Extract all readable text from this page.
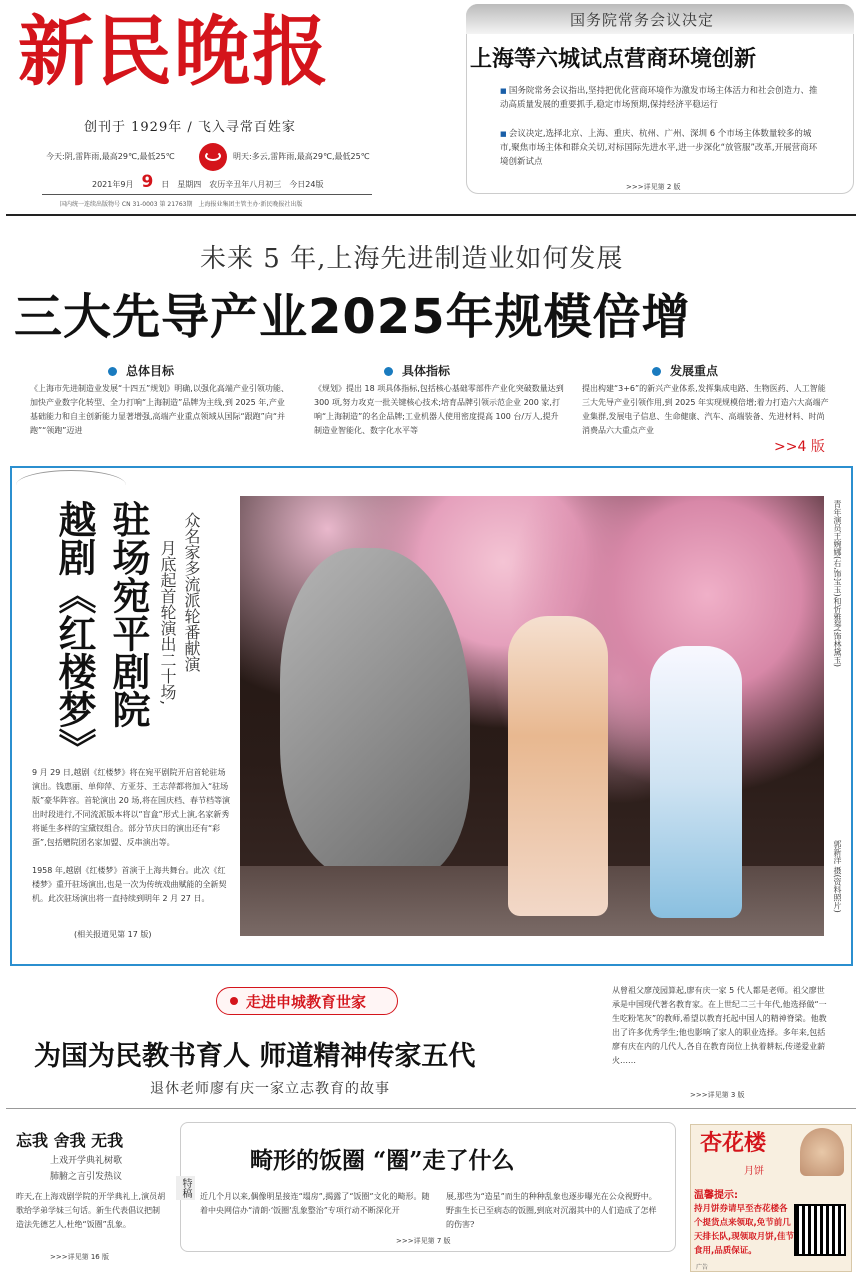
新民晚报
创刊于 1929年 / 飞入寻常百姓家
今天:阴,雷阵雨,最高29℃,最低25℃	明天:多云,雷阵雨,最高29℃,最低25℃
2021年9月 9 日 星期四 农历辛丑年八月初三 今日24版
国内统一连续出版物号 CN 31-0003 第 21763期　上海报业集团主管主办·新民晚报社出版
国务院常务会议决定
上海等六城试点营商环境创新
■ 国务院常务会议指出,坚持把优化营商环境作为激发市场主体活力和社会创造力、推动高质量发展的重要抓手,稳定市场预期,保持经济平稳运行
■ 会议决定,选择北京、上海、重庆、杭州、广州、深圳 6 个市场主体数量较多的城市,聚焦市场主体和群众关切,对标国际先进水平,进一步深化“放管服”改革,开展营商环境创新试点
>>>详见第 2 版
未来 5 年,上海先进制造业如何发展
三大先导产业2025年规模倍增
总体目标
《上海市先进制造业发展“十四五”规划》明确,以强化高端产业引领功能、加快产业数字化转型、全力打响“上海制造”品牌为主线,到 2025 年,产业基础能力和自主创新能力显著增强,高端产业重点领域从国际“跟跑”向“并跑”“领跑”迈进
具体指标
《规划》提出 18 项具体指标,包括核心基础零部件产业化突破数量达到 300 项,努力攻克一批关键核心技术;培育品牌引领示范企业 200 家,打响“上海制造”的名企品牌;工业机器人使用密度提高 100 台/万人,提升制造业智能化、数字化水平等
发展重点
提出构建“3+6”的新兴产业体系,发挥集成电路、生物医药、人工智能三大先导产业引领作用,到 2025 年实现规模倍增;着力打造六大高端产业集群,发展电子信息、生命健康、汽车、高端装备、先进材料、时尚消费品六大重点产业
>>4 版
驻场宛平剧院
越剧《红楼梦》	众名家多流派轮番献演
月底起首轮演出二十场,
9 月 29 日,越剧《红楼梦》将在宛平剧院开启首轮驻场演出。钱惠丽、单仰萍、方亚芬、王志萍都将加入“驻场版”豪华阵容。首轮演出 20 场,将在国庆档、春节档等演出时段进行,不同流派版本将以“盲盒”形式上演,名家新秀将诞生多样的宝黛钗组合。部分节庆日的演出还有“彩蛋”,包括赠院团名家加盟、反串演出等。
1958 年,越剧《红楼梦》首演于上海共舞台。此次《红楼梦》重开驻场演出,也是一次为传统戏曲赋能的全新契机。此次驻场演出将一直持续到明年 2 月 27 日。
(相关报道见第 17 版)
青年演员王婉娜(右,饰宝玉)和忻雅琴(饰林黛玉)
郭新洋 摄(资料照片)
走进申城教育世家
为国为民教书育人 师道精神传家五代
退休老师廖有庆一家立志教育的故事
从曾祖父廖茂园算起,廖有庆一家 5 代人都是老师。祖父廖世承是中国现代著名教育家。在上世纪二三十年代,他选择做“一生吃粉笔灰”的教师,希望以教育托起中国人的精神脊梁。他教出了许多优秀学生;他也影响了家人的职业选择。多年来,包括廖有庆在内的几代人,各自在教育岗位上执着耕耘,传递爱业薪火……
>>>详见第 3 版
忘我 舍我 无我
上戏开学典礼树歌
肺腑之言引发热议
昨天,在上海戏剧学院的开学典礼上,演员胡歌给学弟学妹三句话。新生代表倡议把制造法先德艺人,杜绝“饭圈”乱象。
>>>详见第 16 版
特稿
畸形的饭圈 “圈”走了什么
近几个月以来,偶像明星接连“塌房”,揭露了“饭圈”文化的畸形。随着中央网信办“清朗·‘饭圈’乱象整治”专项行动不断深化开
展,那些为“造星”而生的种种乱象也逐步曝光在公众视野中。野蛮生长已至病态的饭圈,到底对沉溺其中的人们造成了怎样的伤害?
>>>详见第 7 版
杏花楼
月饼
温馨提示:
持月饼券请早至杏花楼各个提货点来领取,免节前几天排长队,现领取月饼,佳节食用,品质保证。
广告
